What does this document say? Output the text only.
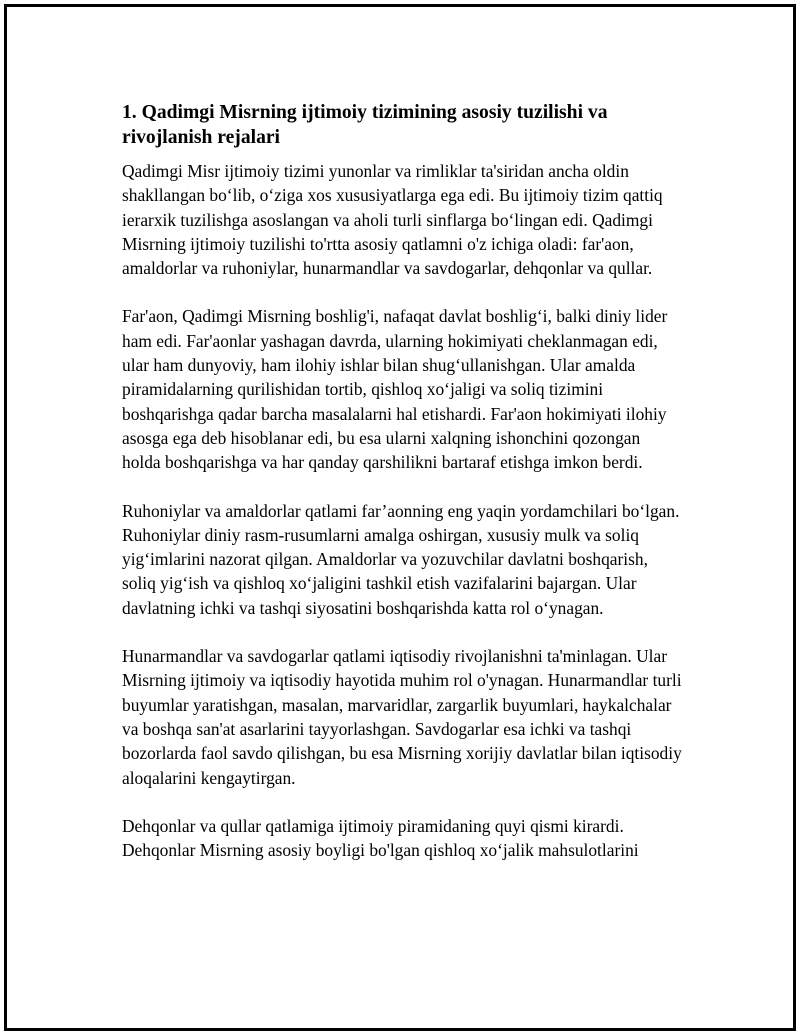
1. Qadimgi Misrning ijtimoiy tizimining asosiy tuzilishi va rivojlanish rejalari

Qadimgi Misr ijtimoiy tizimi yunonlar va rimliklar ta'siridan ancha oldin shakllangan bo‘lib, o‘ziga xos xususiyatlarga ega edi. Bu ijtimoiy tizim qattiq ierarxik tuzilishga asoslangan va aholi turli sinflarga bo‘lingan edi. Qadimgi Misrning ijtimoiy tuzilishi to'rtta asosiy qatlamni o'z ichiga oladi: far'aon, amaldorlar va ruhoniylar, hunarmandlar va savdogarlar, dehqonlar va qullar.

Far'aon, Qadimgi Misrning boshlig'i, nafaqat davlat boshlig‘i, balki diniy lider ham edi. Far'aonlar yashagan davrda, ularning hokimiyati cheklanmagan edi, ular ham dunyoviy, ham ilohiy ishlar bilan shug‘ullanishgan. Ular amalda piramidalarning qurilishidan tortib, qishloq xo‘jaligi va soliq tizimini boshqarishga qadar barcha masalalarni hal etishardi. Far'aon hokimiyati ilohiy asosga ega deb hisoblanar edi, bu esa ularni xalqning ishonchini qozongan holda boshqarishga va har qanday qarshilikni bartaraf etishga imkon berdi.

Ruhoniylar va amaldorlar qatlami far’aonning eng yaqin yordamchilari bo‘lgan. Ruhoniylar diniy rasm-rusumlarni amalga oshirgan, xususiy mulk va soliq yig‘imlarini nazorat qilgan. Amaldorlar va yozuvchilar davlatni boshqarish, soliq yig‘ish va qishloq xo‘jaligini tashkil etish vazifalarini bajargan. Ular davlatning ichki va tashqi siyosatini boshqarishda katta rol o‘ynagan.

Hunarmandlar va savdogarlar qatlami iqtisodiy rivojlanishni ta'minlagan. Ular Misrning ijtimoiy va iqtisodiy hayotida muhim rol o'ynagan. Hunarmandlar turli buyumlar yaratishgan, masalan, marvaridlar, zargarlik buyumlari, haykalchalar va boshqa san'at asarlarini tayyorlashgan. Savdogarlar esa ichki va tashqi bozorlarda faol savdo qilishgan, bu esa Misrning xorijiy davlatlar bilan iqtisodiy aloqalarini kengaytirgan.

Dehqonlar va qullar qatlamiga ijtimoiy piramidaning quyi qismi kirardi. Dehqonlar Misrning asosiy boyligi bo'lgan qishloq xo‘jalik mahsulotlarini
